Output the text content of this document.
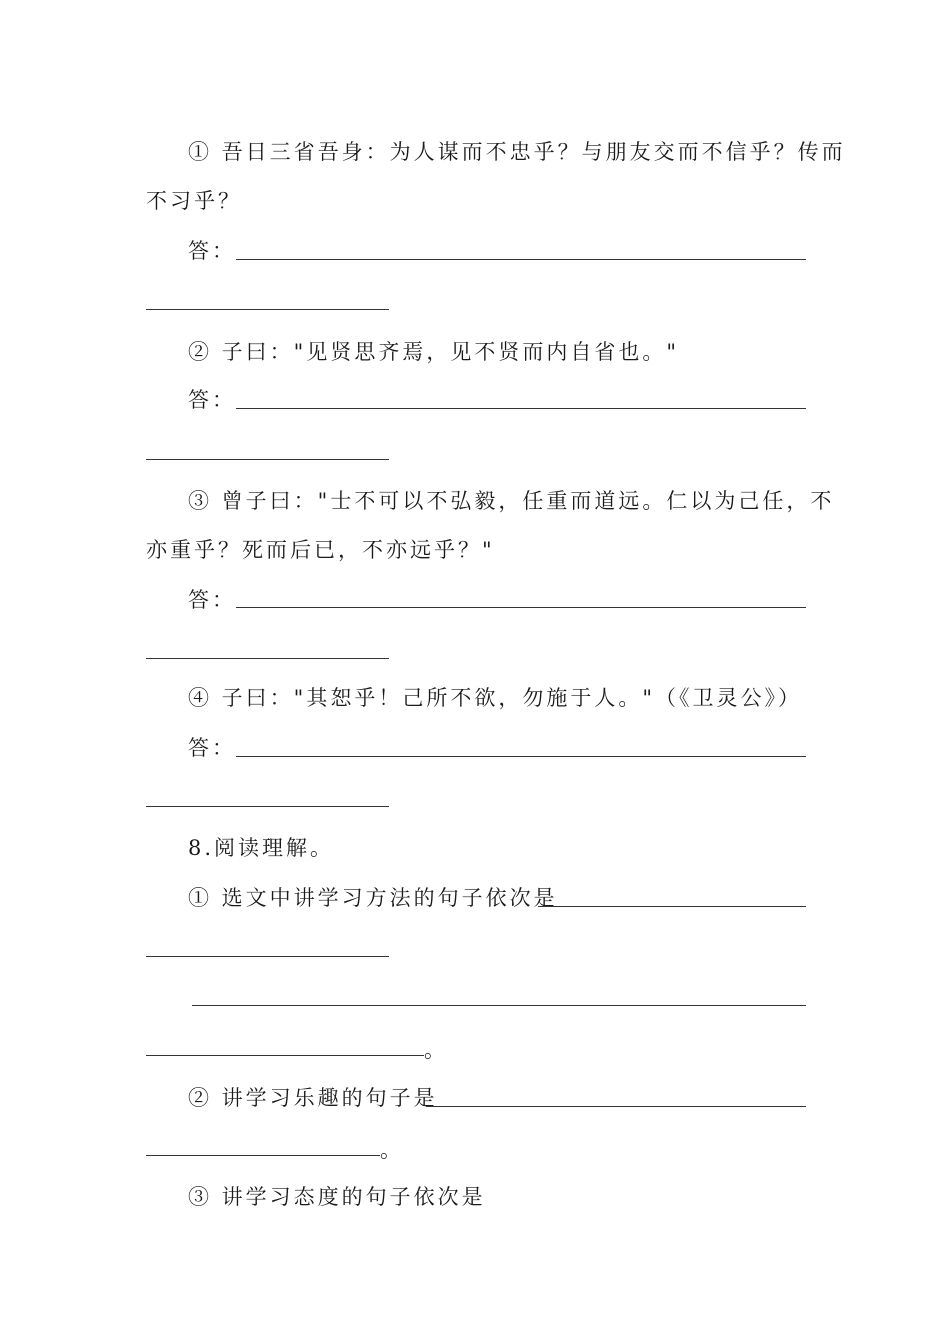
① 吾日三省吾身：为人谋而不忠乎？与朋友交而不信乎？传而
不习乎？
答：
② 子曰："见贤思齐焉，见不贤而内自省也。"
答：
③ 曾子曰："士不可以不弘毅，任重而道远。仁以为己任，不
亦重乎？死而后已，不亦远乎？"
答：
④ 子曰："其恕乎！己所不欲，勿施于人。"（《卫灵公》）
答：
8.阅读理解。
① 选文中讲学习方法的句子依次是
。
② 讲学习乐趣的句子是
。
③ 讲学习态度的句子依次是
